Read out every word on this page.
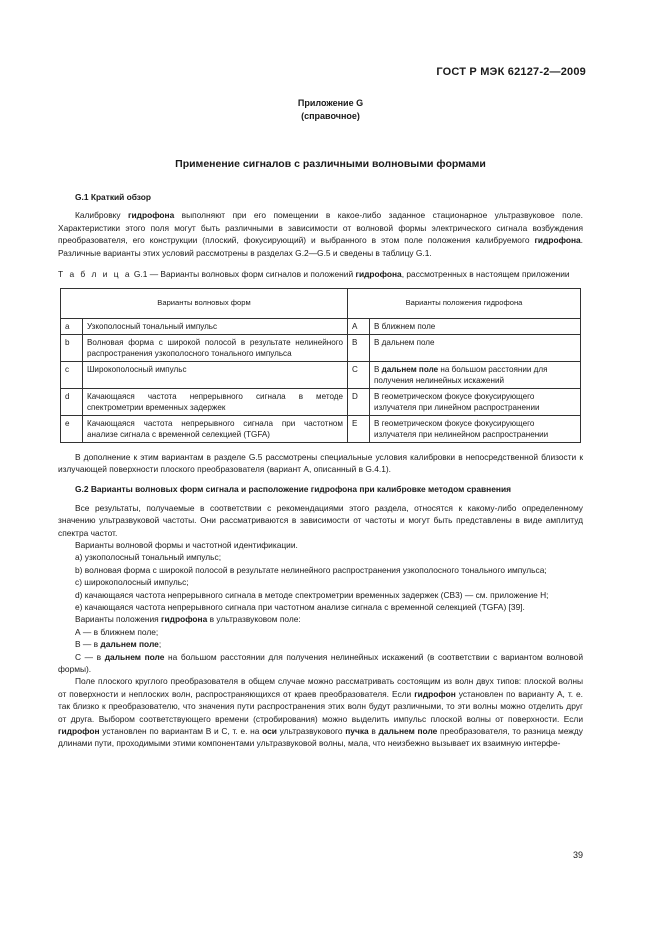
ГОСТ Р МЭК 62127-2—2009
Приложение G
(справочное)
Применение сигналов с различными волновыми формами
G.1 Краткий обзор

Калибровку гидрофона выполняют при его помещении в какое-либо заданное стационарное ультразвуковое поле. Характеристики этого поля могут быть различными в зависимости от волновой формы электрического сигнала возбуждения преобразователя, его конструкции (плоский, фокусирующий) и выбранного в этом поле положения калибруемого гидрофона. Различные варианты этих условий рассмотрены в разделах G.2—G.5 и сведены в таблицу G.1.

Т а б л и ц а G.1 — Варианты волновых форм сигналов и положений гидрофона, рассмотренных в настоящем приложении
Варианты волновых форм		Варианты положения гидрофона	
a	Узкополосный тональный импульс	A	В ближнем поле
b	Волновая форма с широкой полосой в результате нелинейного распространения узкополосного тонального импульса	B	В дальнем поле
c	Широкополосный импульс	C	В дальнем поле на большом расстоянии для получения нелинейных искажений
d	Качающаяся частота непрерывного сигнала в методе спектрометрии временных задержек	D	В геометрическом фокусе фокусирующего излучателя при линейном распространении
e	Качающаяся частота непрерывного сигнала при частотном анализе сигнала с временной селекцией (TGFA)	E	В геометрическом фокусе фокусирующего излучателя при нелинейном распространении

В дополнение к этим вариантам в разделе G.5 рассмотрены специальные условия калибровки в непосредственной близости к излучающей поверхности плоского преобразователя (вариант А, описанный в G.4.1).

G.2 Варианты волновых форм сигнала и расположение гидрофона при калибровке методом сравнения

Все результаты, получаемые в соответствии с рекомендациями этого раздела, относятся к какому-либо определенному значению ультразвуковой частоты. Они рассматриваются в зависимости от частоты и могут быть представлены в виде амплитуд спектра частот.

Варианты волновой формы и частотной идентификации.

a) узкополосный тональный импульс;

b) волновая форма с широкой полосой в результате нелинейного распространения узкополосного тонального импульса;

c) широкополосный импульс;

d) качающаяся частота непрерывного сигнала в методе спектрометрии временных задержек (CB3) — см. приложение H;

e) качающаяся частота непрерывного сигнала при частотном анализе сигнала с временной селекцией (TGFA) [39].

Варианты положения гидрофона в ультразвуковом поле:

А — в ближнем поле;

В — в дальнем поле;

С — в дальнем поле на большом расстоянии для получения нелинейных искажений (в соответствии с вариантом волновой формы).

Поле плоского круглого преобразователя в общем случае можно рассматривать состоящим из волн двух типов: плоской волны от поверхности и неплоских волн, распространяющихся от краев преобразователя. Если гидрофон установлен по варианту А, т. е. так близко к преобразователю, что значения пути распространения этих волн будут различными, то эти волны можно отделить друг от друга. Выбором соответствующего времени (стробирования) можно выделить импульс плоской волны от поверхности. Если гидрофон установлен по вариантам В и С, т. е. на оси ультразвукового пучка в дальнем поле преобразователя, то разница между длинами пути, проходимыми этими компонентами ультразвуковой волны, мала, что неизбежно вызывает их взаимную интерфе-

39
